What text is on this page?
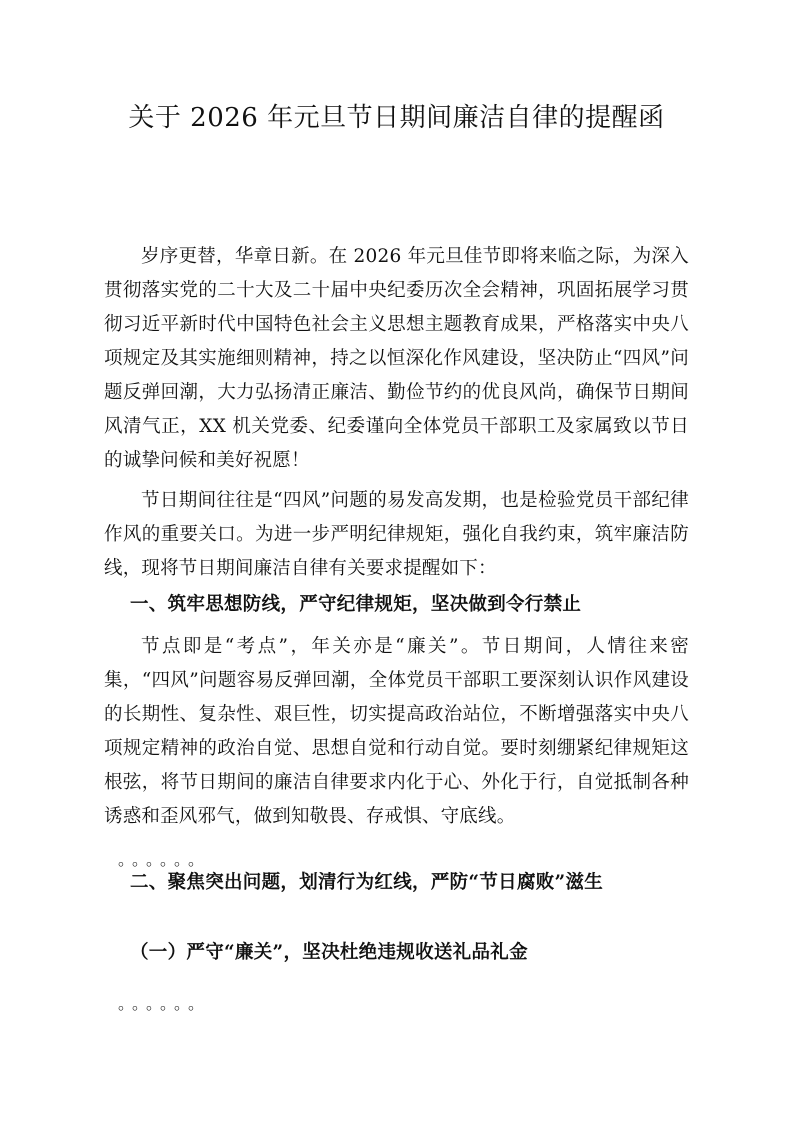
关于 2026 年元旦节日期间廉洁自律的提醒函

岁序更替，华章日新。在 2026 年元旦佳节即将来临之际，为深入贯彻落实党的二十大及二十届中央纪委历次全会精神，巩固拓展学习贯彻习近平新时代中国特色社会主义思想主题教育成果，严格落实中央八项规定及其实施细则精神，持之以恒深化作风建设，坚决防止“四风”问题反弹回潮，大力弘扬清正廉洁、勤俭节约的优良风尚，确保节日期间风清气正，XX 机关党委、纪委谨向全体党员干部职工及家属致以节日的诚挚问候和美好祝愿！

节日期间往往是“四风”问题的易发高发期，也是检验党员干部纪律作风的重要关口。为进一步严明纪律规矩，强化自我约束，筑牢廉洁防线，现将节日期间廉洁自律有关要求提醒如下：

一、筑牢思想防线，严守纪律规矩，坚决做到令行禁止

节点即是“考点”，年关亦是“廉关”。节日期间，人情往来密集，“四风”问题容易反弹回潮，全体党员干部职工要深刻认识作风建设的长期性、复杂性、艰巨性，切实提高政治站位，不断增强落实中央八项规定精神的政治自觉、思想自觉和行动自觉。要时刻绷紧纪律规矩这根弦，将节日期间的廉洁自律要求内化于心、外化于行，自觉抵制各种诱惑和歪风邪气，做到知敬畏、存戒惧、守底线。

。。。。。。

二、聚焦突出问题，划清行为红线，严防“节日腐败”滋生

（一）严守“廉关”，坚决杜绝违规收送礼品礼金

。。。。。。
